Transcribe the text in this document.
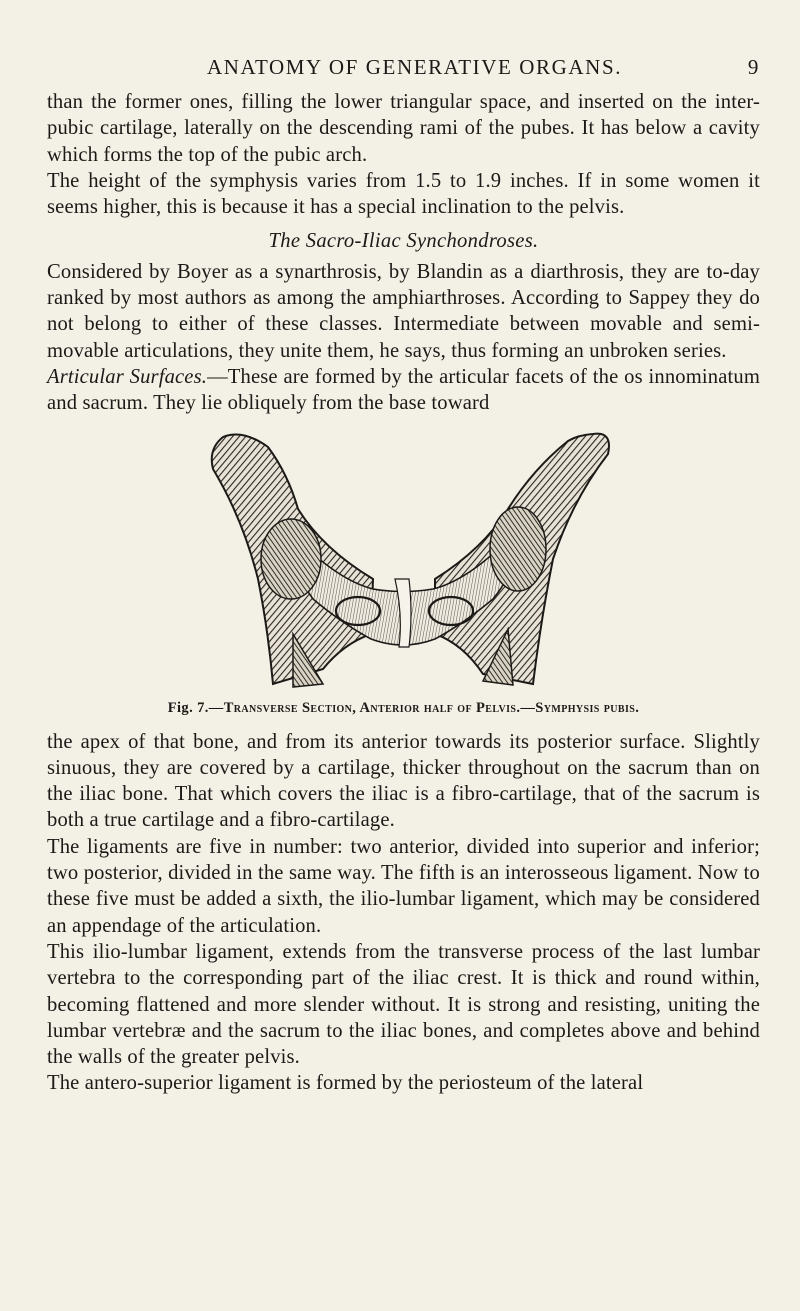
ANATOMY OF GENERATIVE ORGANS.	9

than the former ones, filling the lower triangular space, and inserted on the inter-pubic cartilage, laterally on the descending rami of the pubes. It has below a cavity which forms the top of the pubic arch.

The height of the symphysis varies from 1.5 to 1.9 inches. If in some women it seems higher, this is because it has a special inclination to the pelvis.

The Sacro-Iliac Synchondroses.

Considered by Boyer as a synarthrosis, by Blandin as a diarthrosis, they are to-day ranked by most authors as among the amphiarthroses. According to Sappey they do not belong to either of these classes. Intermediate between movable and semi-movable articulations, they unite them, he says, thus forming an unbroken series.

Articular Surfaces.—These are formed by the articular facets of the os innominatum and sacrum. They lie obliquely from the base toward

Fig. 7.—Transverse Section, Anterior half of Pelvis.—Symphysis pubis.

the apex of that bone, and from its anterior towards its posterior surface. Slightly sinuous, they are covered by a cartilage, thicker throughout on the sacrum than on the iliac bone. That which covers the iliac is a fibro-cartilage, that of the sacrum is both a true cartilage and a fibro-cartilage.

The ligaments are five in number: two anterior, divided into superior and inferior; two posterior, divided in the same way. The fifth is an interosseous ligament. Now to these five must be added a sixth, the ilio-lumbar ligament, which may be considered an appendage of the articulation.

This ilio-lumbar ligament, extends from the transverse process of the last lumbar vertebra to the corresponding part of the iliac crest. It is thick and round within, becoming flattened and more slender without. It is strong and resisting, uniting the lumbar vertebræ and the sacrum to the iliac bones, and completes above and behind the walls of the greater pelvis.

The antero-superior ligament is formed by the periosteum of the lateral
